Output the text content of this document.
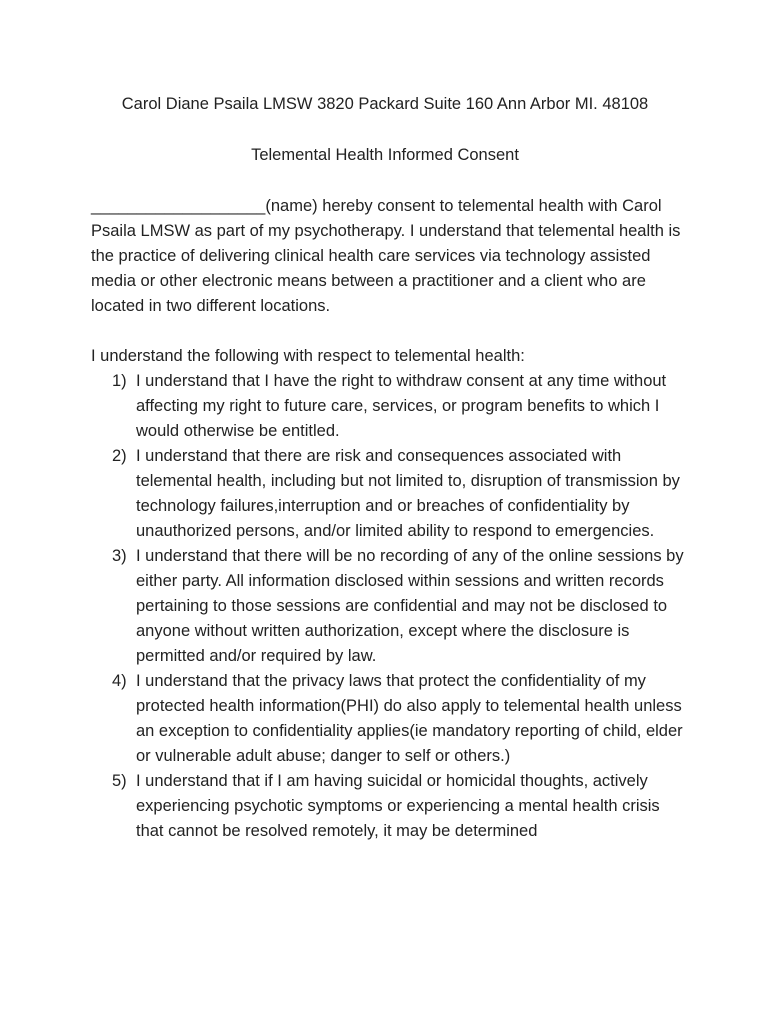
Carol Diane Psaila LMSW 3820 Packard Suite 160 Ann Arbor MI. 48108
Telemental Health Informed Consent
___________________(name) hereby consent to telemental health with Carol Psaila LMSW as part of my psychotherapy. I understand that telemental health is the practice of delivering clinical health care services via technology assisted media or other electronic means between a practitioner and a client who are located in two different locations.
I understand the following with respect to telemental health:
1) I understand that I have the right to withdraw consent at any time without affecting my right to future care, services, or program benefits to which I would otherwise be entitled.
2) I understand that there are risk and consequences associated with telemental health, including but not limited to, disruption of transmission by technology failures,interruption and or breaches of confidentiality by unauthorized persons, and/or limited ability to respond to emergencies.
3) I understand that there will be no recording of any of the online sessions by either party. All information disclosed within sessions and written records pertaining to those sessions are confidential and may not be disclosed to anyone without written authorization, except where the disclosure is permitted and/or required by law.
4) I understand that the privacy laws that protect the confidentiality of my protected health information(PHI) do also apply to telemental health unless an exception to confidentiality applies(ie mandatory reporting of child, elder or vulnerable adult abuse; danger to self or others.)
5) I understand that if I am having suicidal or homicidal thoughts, actively experiencing psychotic symptoms or experiencing a mental health crisis that cannot be resolved remotely, it may be determined
